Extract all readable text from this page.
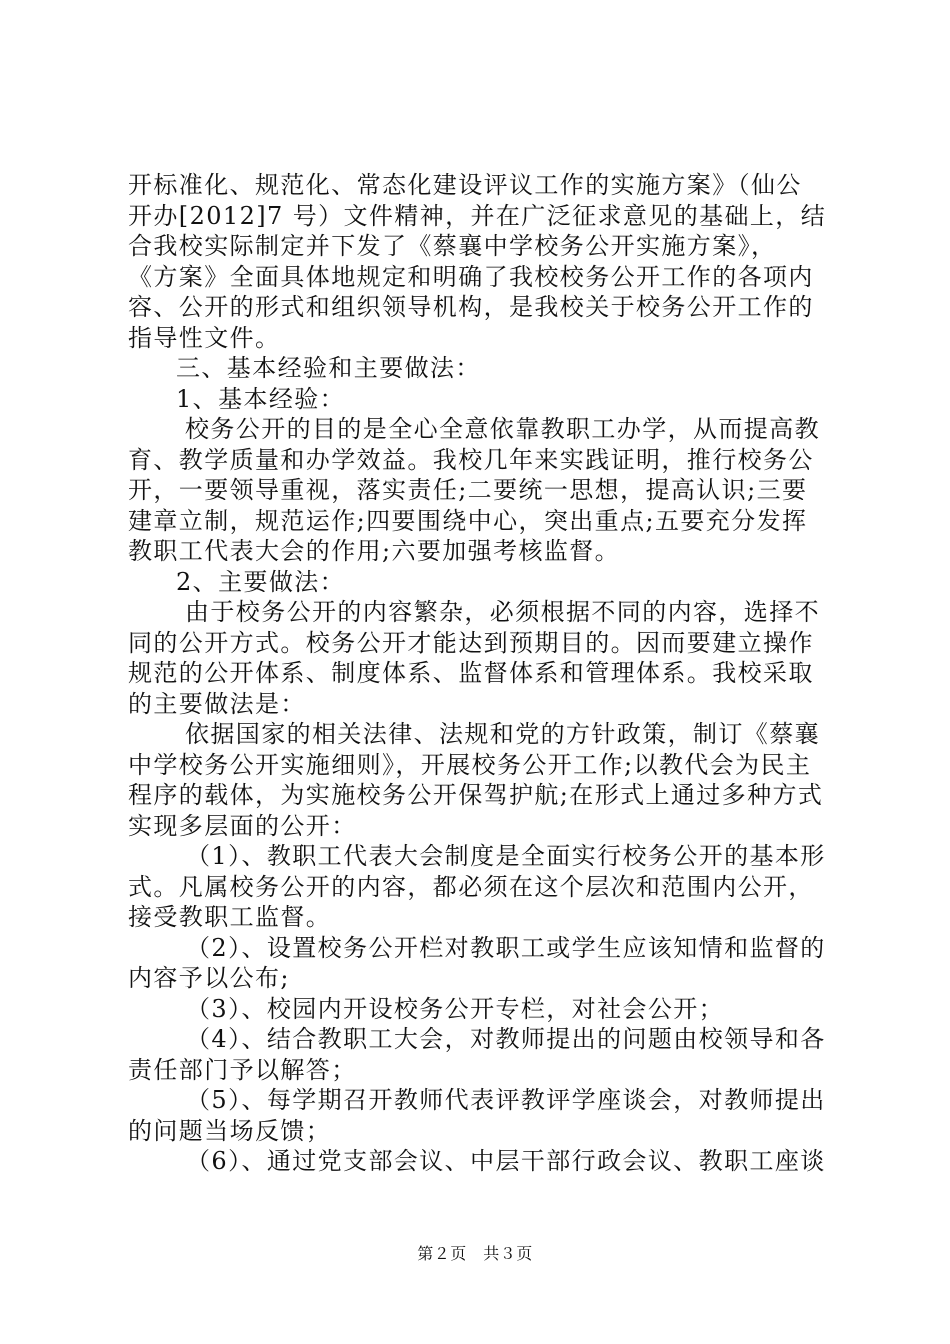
开标准化、规范化、常态化建设评议工作的实施方案》（仙公
开办[2012]7 号）文件精神，并在广泛征求意见的基础上，结
合我校实际制定并下发了《蔡襄中学校务公开实施方案》，
《方案》全面具体地规定和明确了我校校务公开工作的各项内
容、公开的形式和组织领导机构，是我校关于校务公开工作的
指导性文件。
三、基本经验和主要做法：
1、基本经验：
校务公开的目的是全心全意依靠教职工办学，从而提高教
育、教学质量和办学效益。我校几年来实践证明，推行校务公
开，一要领导重视，落实责任;二要统一思想，提高认识;三要
建章立制，规范运作;四要围绕中心，突出重点;五要充分发挥
教职工代表大会的作用;六要加强考核监督。
2、主要做法：
由于校务公开的内容繁杂，必须根据不同的内容，选择不
同的公开方式。校务公开才能达到预期目的。因而要建立操作
规范的公开体系、制度体系、监督体系和管理体系。我校采取
的主要做法是：
依据国家的相关法律、法规和党的方针政策，制订《蔡襄
中学校务公开实施细则》，开展校务公开工作;以教代会为民主
程序的载体，为实施校务公开保驾护航;在形式上通过多种方式
实现多层面的公开：
（1）、教职工代表大会制度是全面实行校务公开的基本形
式。凡属校务公开的内容，都必须在这个层次和范围内公开，
接受教职工监督。
（2）、设置校务公开栏对教职工或学生应该知情和监督的
内容予以公布;
（3）、校园内开设校务公开专栏，对社会公开；
（4）、结合教职工大会，对教师提出的问题由校领导和各
责任部门予以解答；
（5）、每学期召开教师代表评教评学座谈会，对教师提出
的问题当场反馈；
（6）、通过党支部会议、中层干部行政会议、教职工座谈
第２页　共３页
